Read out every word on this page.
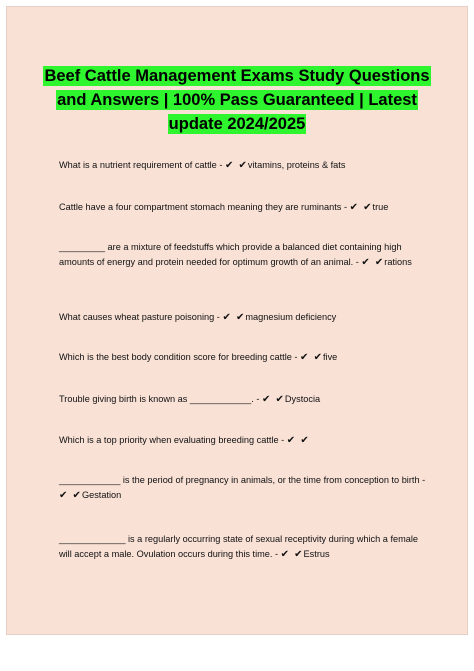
Beef Cattle Management Exams Study Questions
and Answers | 100% Pass Guaranteed | Latest
update 2024/2025
What is a nutrient requirement of cattle - ✔ ✔vitamins, proteins & fats
Cattle have a four compartment stomach meaning they are ruminants - ✔ ✔true
_________ are a mixture of feedstuffs which provide a balanced diet containing high amounts of energy and protein needed for optimum growth of an animal. - ✔ ✔rations
What causes wheat pasture poisoning - ✔ ✔magnesium deficiency
Which is the best body condition score for breeding cattle - ✔ ✔five
Trouble giving birth is known as ____________. - ✔ ✔Dystocia
Which is a top priority when evaluating breeding cattle - ✔ ✔
____________ is the period of pregnancy in animals, or the time from conception to birth - ✔ ✔Gestation
_____________ is a regularly occurring state of sexual receptivity during which a female will accept a male. Ovulation occurs during this time. - ✔ ✔Estrus
